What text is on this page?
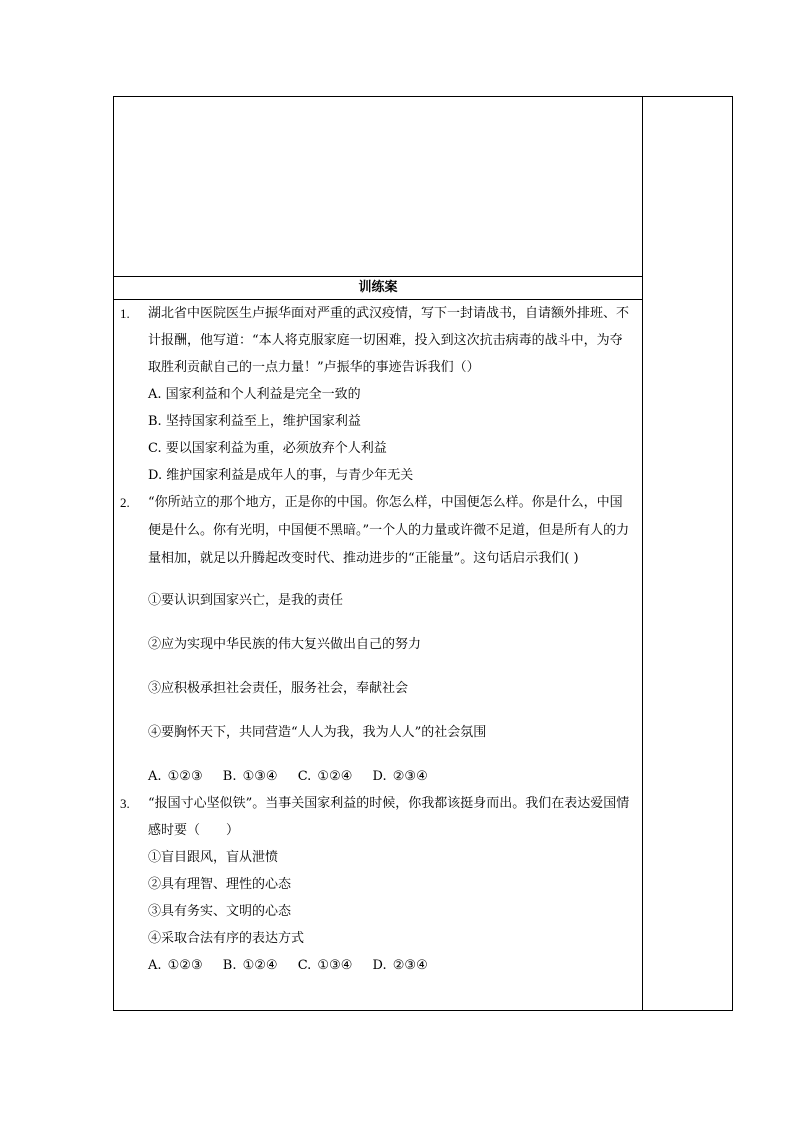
训练案
1. 湖北省中医院医生卢振华面对严重的武汉疫情，写下一封请战书，自请额外排班、不计报酬，他写道：“本人将克服家庭一切困难，投入到这次抗击病毒的战斗中，为夺取胜利贡献自己的一点力量！”卢振华的事迹告诉我们（）
A. 国家利益和个人利益是完全一致的
B. 坚持国家利益至上，维护国家利益
C. 要以国家利益为重，必须放弃个人利益
D. 维护国家利益是成年人的事，与青少年无关
2. “你所站立的那个地方，正是你的中国。你怎么样，中国便怎么样。你是什么，中国便是什么。你有光明，中国便不黑暗。”一个人的力量或许微不足道，但是所有人的力量相加，就足以升腾起改变时代、推动进步的“正能量”。这句话启示我们( )
①要认识到国家兴亡，是我的责任
②应为实现中华民族的伟大复兴做出自己的努力
③应积极承担社会责任，服务社会，奉献社会
④要胸怀天下，共同营造“人人为我，我为人人”的社会氛围
A. ①②③ B. ①③④ C. ①②④ D. ②③④
3. “报国寸心坚似铁”。当事关国家利益的时候，你我都该挺身而出。我们在表达爱国情感时要（　　）
①盲目跟风，盲从泄愤
②具有理智、理性的心态
③具有务实、文明的心态
④采取合法有序的表达方式
A. ①②③ B. ①②④ C. ①③④ D. ②③④
